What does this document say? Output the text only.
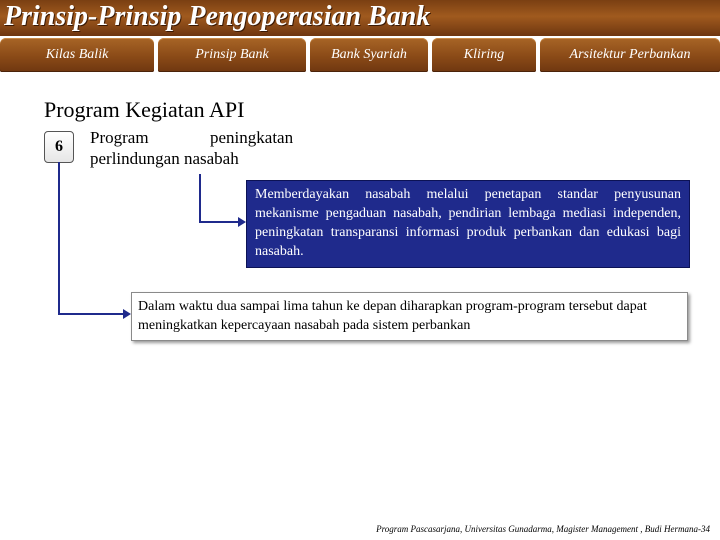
Prinsip-Prinsip Pengoperasian Bank
Kilas Balik	Prinsip Bank	Bank Syariah	Kliring	Arsitektur Perbankan
Program Kegiatan API
6	Program	peningkatan
perlindungan nasabah
Memberdayakan nasabah melalui penetapan standar penyusunan mekanisme pengaduan nasabah, pendirian lembaga mediasi independen, peningkatan transparansi informasi produk perbankan dan edukasi bagi nasabah.
Dalam waktu dua sampai lima tahun ke depan diharapkan program-program tersebut dapat meningkatkan kepercayaan nasabah pada sistem perbankan
Program Pascasarjana, Universitas Gunadarma, Magister Management , Budi Hermana-34
